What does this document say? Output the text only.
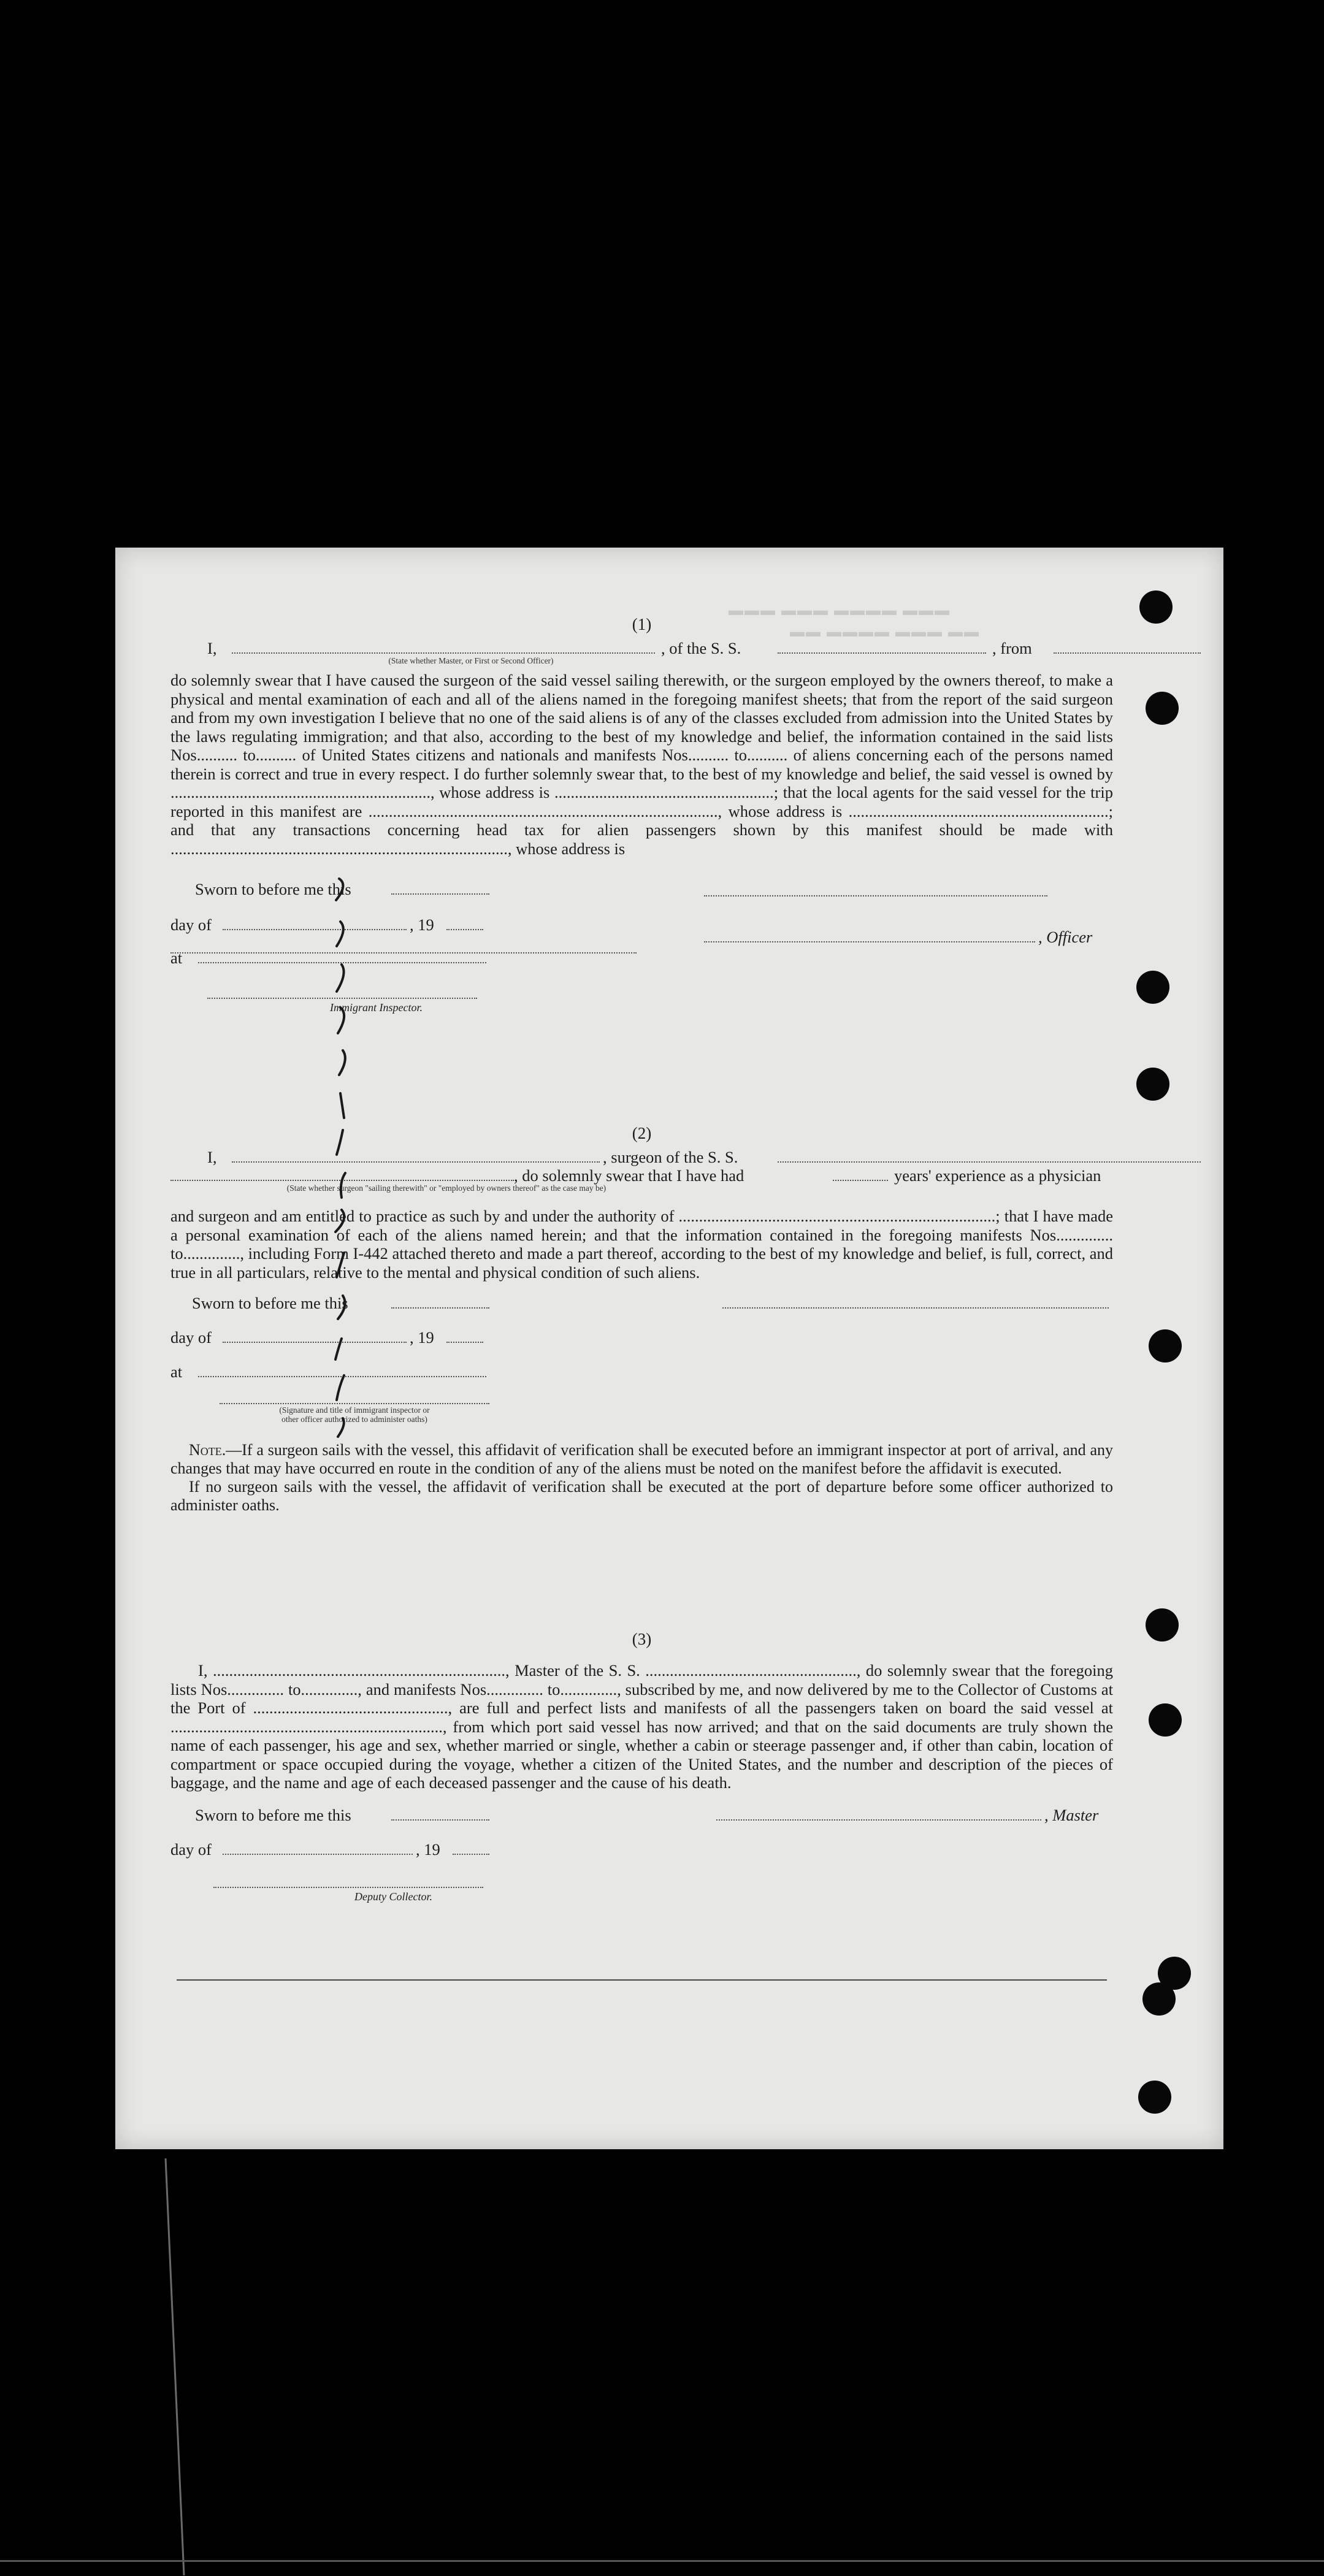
▬▬▬ ▬▬▬ ▬▬▬▬ ▬▬▬
▬▬ ▬▬▬▬ ▬▬▬ ▬▬
(1)
I,	, of the S. S.	, from
(State whether Master, or First or Second Officer)

do solemnly swear that I have caused the surgeon of the said vessel sailing therewith, or the surgeon employed by the owners thereof, to make a physical and mental examination of each and all of the aliens named in the foregoing manifest sheets; that from the report of the said surgeon and from my own investigation I believe that no one of the said aliens is of any of the classes excluded from admission into the United States by the laws regulating immigration; and that also, according to the best of my knowledge and belief, the information contained in the said lists Nos.......... to.......... of United States citizens and nationals and manifests Nos.......... to.......... of aliens concerning each of the persons named therein is correct and true in every respect. I do further solemnly swear that, to the best of my knowledge and belief, the said vessel is owned by ................................................................, whose address is ......................................................; that the local agents for the said vessel for the trip reported in this manifest are ......................................................................................, whose address is ................................................................; and that any transactions concerning head tax for alien passengers shown by this manifest should be made with ..................................................................................., whose address is

Sworn to before me this
day of	, 19
at
Immigrant Inspector.
, Officer
(2)
I,	, surgeon of the S. S.
, do solemnly swear that I have had	years' experience as a physician
(State whether surgeon "sailing therewith" or "employed by owners thereof" as the case may be)

and surgeon and am entitled to practice as such by and under the authority of ..............................................................................; that I have made a personal examination of each of the aliens named herein; and that the information contained in the foregoing manifests Nos.............. to.............., including Form I-442 attached thereto and made a part thereof, according to the best of my knowledge and belief, is full, correct, and true in all particulars, relative to the mental and physical condition of such aliens.

Sworn to before me this
day of	, 19
at
(Signature and title of immigrant inspector or
other officer authorized to administer oaths)

Note.—If a surgeon sails with the vessel, this affidavit of verification shall be executed before an immigrant inspector at port of arrival, and any changes that may have occurred en route in the condition of any of the aliens must be noted on the manifest before the affidavit is executed.

If no surgeon sails with the vessel, the affidavit of verification shall be executed at the port of departure before some officer authorized to administer oaths.

(3)

I, ........................................................................, Master of the S. S. ...................................................., do solemnly swear that the foregoing lists Nos.............. to.............., and manifests Nos.............. to.............., subscribed by me, and now delivered by me to the Collector of Customs at the Port of ................................................, are full and perfect lists and manifests of all the passengers taken on board the said vessel at ..................................................................., from which port said vessel has now arrived; and that on the said documents are truly shown the name of each passenger, his age and sex, whether married or single, whether a cabin or steerage passenger and, if other than cabin, location of compartment or space occupied during the voyage, whether a citizen of the United States, and the number and description of the pieces of baggage, and the name and age of each deceased passenger and the cause of his death.

Sworn to before me this	, Master
day of	, 19
Deputy Collector.
